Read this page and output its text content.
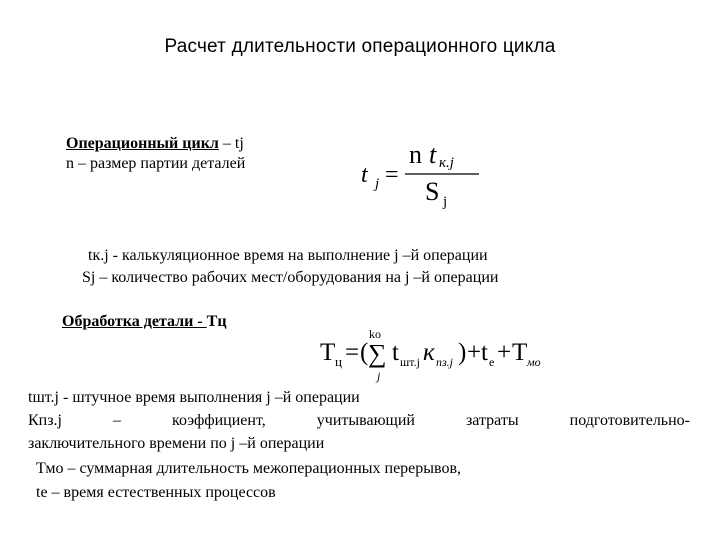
Расчет длительности операционного цикла
Операционный цикл – tj
n – размер партии деталей	t j =
n t к.j
S j
tк.j - калькуляционное время на выполнение j –й операции
Sj – количество рабочих мест/оборудования на j –й операции
Обработка детали - Тц
T ц = (
ko
∑
j
t шт.j к пз.j ) + t е + T мо
tшт.j - штучное время выполнения j –й операции
Кпз.j	–	коэффициент,	учитывающий	затраты	подготовительно-
заключительного времени по j –й операции
Тмо – суммарная длительность межоперационных перерывов,
tе – время естественных процессов
